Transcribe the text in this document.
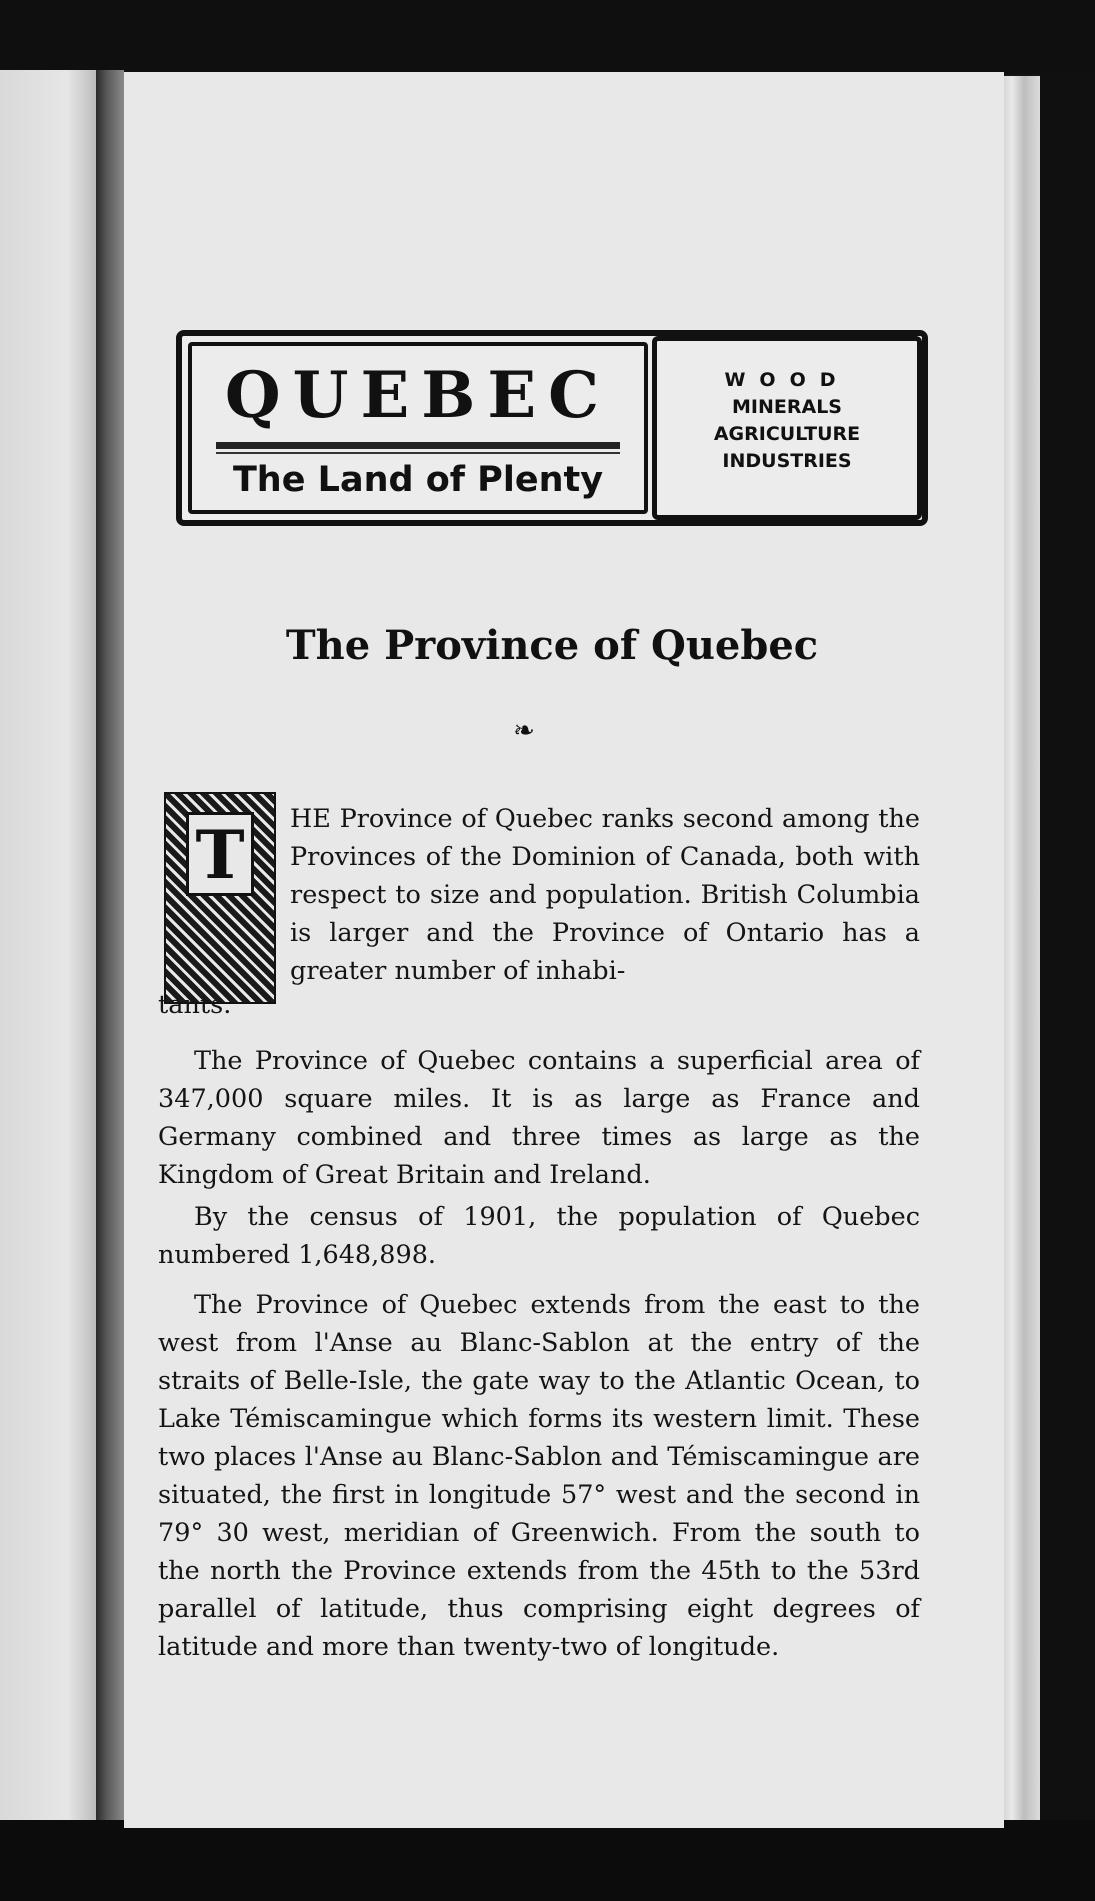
QUEBEC
The Land of Plenty
WOOD
MINERALS
AGRICULTURE
INDUSTRIES
The Province of Quebec
❧
T HE Province of Quebec ranks second among the Provinces of the Dominion of Canada, both with respect to size and population. British Columbia is larger and the Province of Ontario has a greater number of inhabi-
tants.
The Province of Quebec contains a superficial area of 347,000 square miles. It is as large as France and Germany combined and three times as large as the Kingdom of Great Britain and Ireland.
By the census of 1901, the population of Quebec numbered 1,648,898.
The Province of Quebec extends from the east to the west from l'Anse au Blanc-Sablon at the entry of the straits of Belle-Isle, the gate way to the Atlantic Ocean, to Lake Témiscamingue which forms its western limit. These two places l'Anse au Blanc-Sablon and Témiscamingue are situated, the first in longitude 57° west and the second in 79° 30 west, meridian of Greenwich. From the south to the north the Province extends from the 45th to the 53rd parallel of latitude, thus comprising eight degrees of latitude and more than twenty-two of longitude.
